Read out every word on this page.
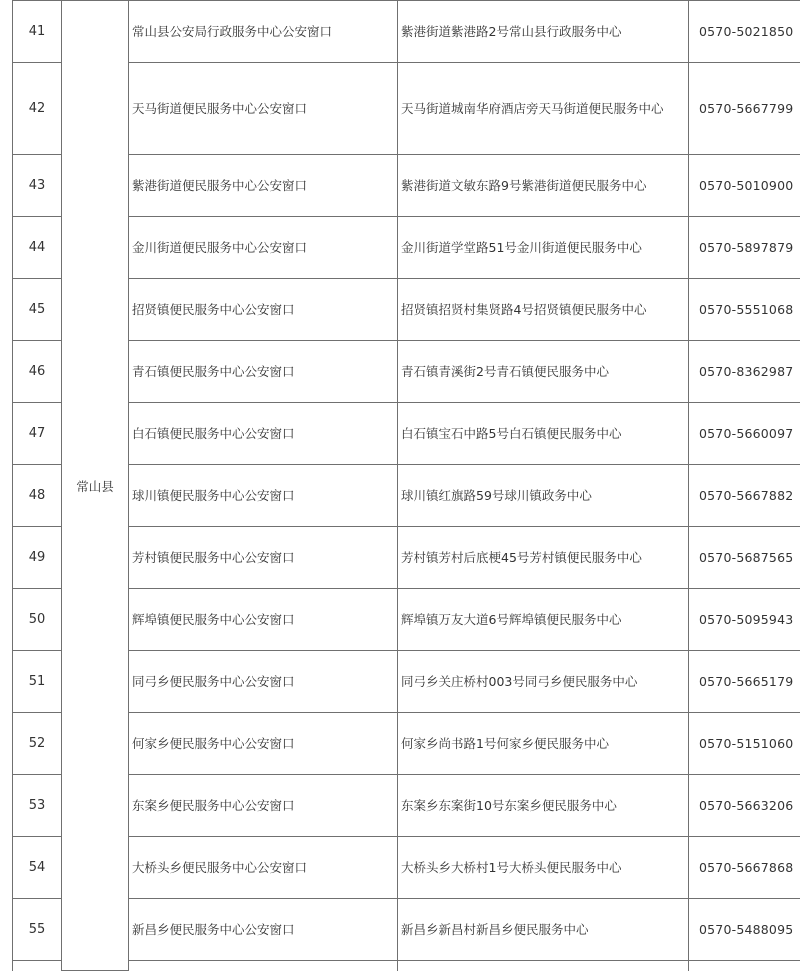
41	常山县	常山县公安局行政服务中心公安窗口	紫港街道紫港路2号常山县行政服务中心	0570-5021850
42		天马街道便民服务中心公安窗口	天马街道城南华府酒店旁天马街道便民服务中心	0570-5667799
43		紫港街道便民服务中心公安窗口	紫港街道文敏东路9号紫港街道便民服务中心	0570-5010900
44		金川街道便民服务中心公安窗口	金川街道学堂路51号金川街道便民服务中心	0570-5897879
45		招贤镇便民服务中心公安窗口	招贤镇招贤村集贤路4号招贤镇便民服务中心	0570-5551068
46		青石镇便民服务中心公安窗口	青石镇青溪街2号青石镇便民服务中心	0570-8362987
47		白石镇便民服务中心公安窗口	白石镇宝石中路5号白石镇便民服务中心	0570-5660097
48		球川镇便民服务中心公安窗口	球川镇红旗路59号球川镇政务中心	0570-5667882
49		芳村镇便民服务中心公安窗口	芳村镇芳村后底梗45号芳村镇便民服务中心	0570-5687565
50		辉埠镇便民服务中心公安窗口	辉埠镇万友大道6号辉埠镇便民服务中心	0570-5095943
51		同弓乡便民服务中心公安窗口	同弓乡关庄桥村003号同弓乡便民服务中心	0570-5665179
52		何家乡便民服务中心公安窗口	何家乡尚书路1号何家乡便民服务中心	0570-5151060
53		东案乡便民服务中心公安窗口	东案乡东案街10号东案乡便民服务中心	0570-5663206
54		大桥头乡便民服务中心公安窗口	大桥头乡大桥村1号大桥头便民服务中心	0570-5667868
55		新昌乡便民服务中心公安窗口	新昌乡新昌村新昌乡便民服务中心	0570-5488095
